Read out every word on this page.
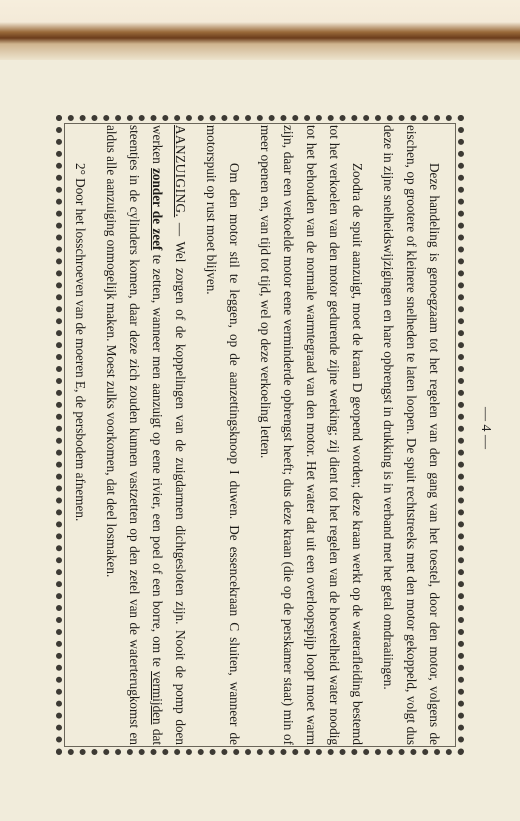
Deze handeling is genoegzaam tot het regelen van den gang van het toestel, door den motor, volgens de eischen, op grootere of kleinere snelheden te laten loopen. De spuit rechtstreeks met den motor gekoppeld, volgt dus deze in zijne snelheidswijzigingen en hare opbrengst in drukking is in verband met het getal omdraaiingen.

Zoodra de spuit aanzuigt, moet de kraan D geopend worden; deze kraan werkt op de waterafleiding bestemd tot het verkoelen van den motor gedurende zijne werking; zij dient tot het regelen van de hoeveelheid water noodig tot het behouden van de normale warmtegraad van den motor. Het water dat uit een overloopspijp loopt moet warm zijn, daar een verkoelde motor eene verminderde opbrengst heeft; dus deze kraan (die op de perskamer staat) min of meer openen en, van tijd tot tijd, wel op deze verkoeling letten.

Om den motor stil te leggen, op de aanzettingsknoop I duwen. De essencekraan C sluiten, wanneer de motorspuit op rust moet blijven.

AANZUIGING. — Wel zorgen of de koppelingen van de zuigdarmen dichtgesloten zijn. Nooit de pomp doen werken zonder de zeef te zetten, wanneer men aanzuigt op eene rivier, een poel of een borre, om te vermijden dat steentjes in de cylinders komen, daar deze zich zouden kunnen vastzetten op den zetel van de waterterugkomst en aldus alle aanzuiging onmogelijk maken. Moest zulks voorkomen, dat deel losmaken.

2° Door het losschroeven van de moeren E, de persbodem afnemen.	— 4 —
